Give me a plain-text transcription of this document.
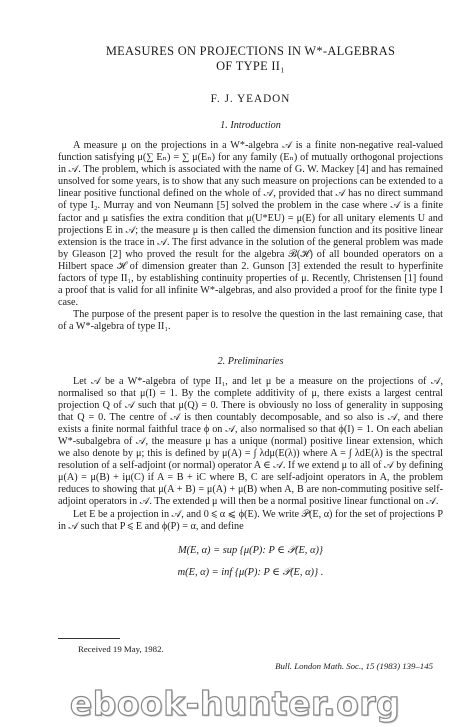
MEASURES ON PROJECTIONS IN W*-ALGEBRAS

OF TYPE II₁

F. J. YEADON

1. Introduction

A measure μ on the projections in a W*-algebra 𝒜 is a finite non-negative real-valued function satisfying μ(∑ Eₙ) = ∑ μ(Eₙ) for any family (Eₙ) of mutually orthogonal projections in 𝒜. The problem, which is associated with the name of G. W. Mackey [4] and has remained unsolved for some years, is to show that any such measure on projections can be extended to a linear positive functional defined on the whole of 𝒜, provided that 𝒜 has no direct summand of type I₂. Murray and von Neumann [5] solved the problem in the case where 𝒜 is a finite factor and μ satisfies the extra condition that μ(U*EU) = μ(E) for all unitary elements U and projections E in 𝒜; the measure μ is then called the dimension function and its positive linear extension is the trace in 𝒜. The first advance in the solution of the general problem was made by Gleason [2] who proved the result for the algebra ℬ(ℋ) of all bounded operators on a Hilbert space ℋ of dimension greater than 2. Gunson [3] extended the result to hyperfinite factors of type II₁, by establishing continuity properties of μ. Recently, Christensen [1] found a proof that is valid for all infinite W*-algebras, and also provided a proof for the finite type I case.

The purpose of the present paper is to resolve the question in the last remaining case, that of a W*-algebra of type II₁.

2. Preliminaries

Let 𝒜 be a W*-algebra of type II₁, and let μ be a measure on the projections of 𝒜, normalised so that μ(I) = 1. By the complete additivity of μ, there exists a largest central projection Q of 𝒜 such that μ(Q) = 0. There is obviously no loss of generality in supposing that Q = 0. The centre of 𝒜 is then countably decomposable, and so also is 𝒜, and there exists a finite normal faithful trace ϕ on 𝒜, also normalised so that ϕ(I) = 1. On each abelian W*-subalgebra of 𝒜, the measure μ has a unique (normal) positive linear extension, which we also denote by μ; this is defined by μ(A) = ∫ λdμ(E(λ)) where A = ∫ λdE(λ) is the spectral resolution of a self-adjoint (or normal) operator A ∈ 𝒜. If we extend μ to all of 𝒜 by defining μ(A) = μ(B) + iμ(C) if A = B + iC where B, C are self-adjoint operators in A, the problem reduces to showing that μ(A + B) = μ(A) + μ(B) when A, B are non-commuting positive self-adjoint operators in 𝒜. The extended μ will then be a normal positive linear functional on 𝒜.

Let E be a projection in 𝒜, and 0 ⩽ α ⩽ ϕ(E). We write 𝒫(E, α) for the set of projections P in 𝒜 such that P ⩽ E and ϕ(P) = α, and define

M(E, α) = sup {μ(P): P ∈ 𝒫(E, α)}

m(E, α) = inf {μ(P): P ∈ 𝒫(E, α)} .

Received 19 May, 1982.

Bull. London Math. Soc., 15 (1983) 139–145

ebook-hunter.org
